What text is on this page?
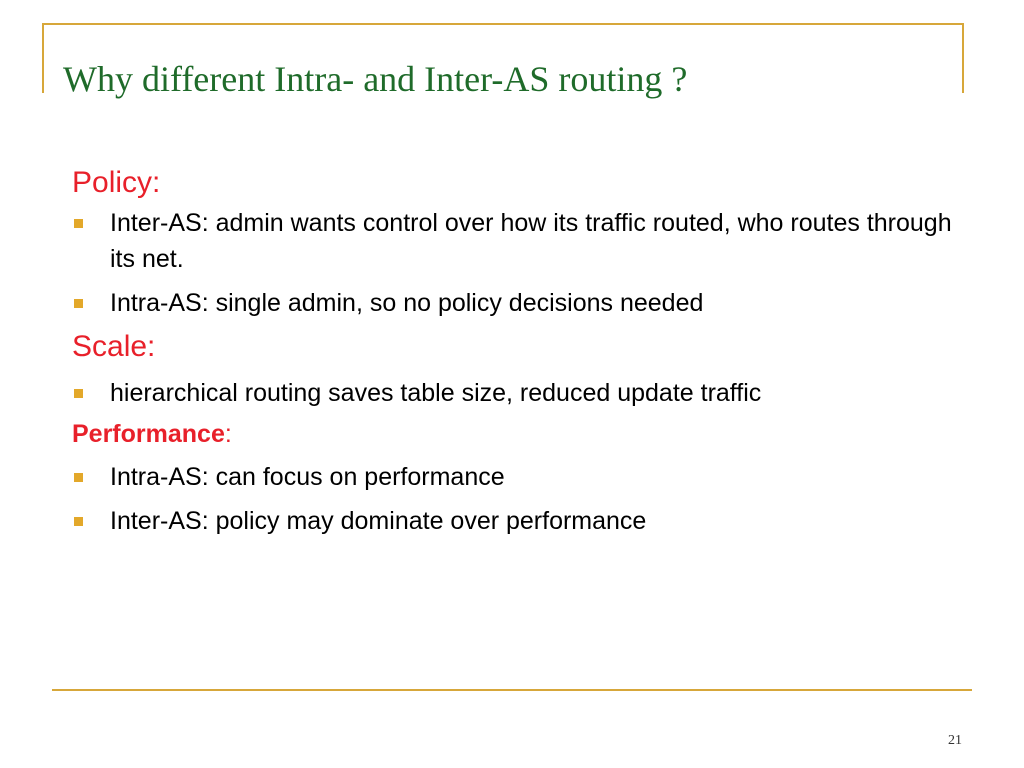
Why different Intra- and Inter-AS routing ?

Policy:

Inter-AS: admin wants control over how its traffic routed, who routes through its net.
Intra-AS: single admin, so no policy decisions needed

Scale:

hierarchical routing saves table size, reduced update traffic

Performance:

Intra-AS: can focus on performance
Inter-AS: policy may dominate over performance
21
